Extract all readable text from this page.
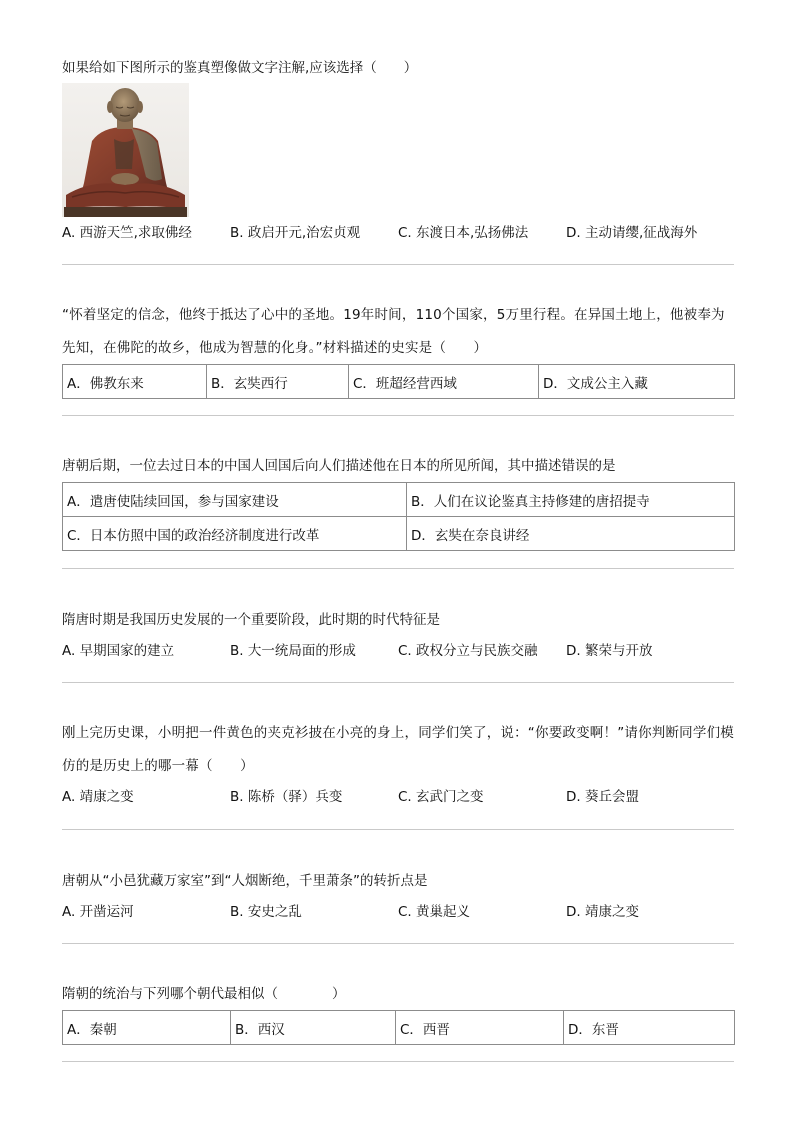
如果给如下图所示的鉴真塑像做文字注解,应该选择（　　）
A. 西游天竺,求取佛经	B. 政启开元,治宏贞观	C. 东渡日本,弘扬佛法	D. 主动请缨,征战海外
“怀着坚定的信念，他终于抵达了心中的圣地。19年时间，110个国家，5万里行程。在异国土地上，他被奉为先知，在佛陀的故乡，他成为智慧的化身。”材料描述的史实是（　　）
A．佛教东来	B．玄奘西行	C．班超经营西域	D．文成公主入藏
唐朝后期，一位去过日本的中国人回国后向人们描述他在日本的所见所闻，其中描述错误的是
A．遣唐使陆续回国，参与国家建设	B．人们在议论鉴真主持修建的唐招提寺
C．日本仿照中国的政治经济制度进行改革	D．玄奘在奈良讲经
隋唐时期是我国历史发展的一个重要阶段，此时期的时代特征是
A. 早期国家的建立	B. 大一统局面的形成	C. 政权分立与民族交融 D. 繁荣与开放
刚上完历史课，小明把一件黄色的夹克衫披在小亮的身上，同学们笑了，说：“你要政变啊！”请你判断同学们模仿的是历史上的哪一幕（　　）
A. 靖康之变	B. 陈桥（驿）兵变	C. 玄武门之变	D. 葵丘会盟
唐朝从“小邑犹藏万家室”到“人烟断绝，千里萧条”的转折点是
A. 开凿运河	B. 安史之乱	C. 黄巢起义	D. 靖康之变
隋朝的统治与下列哪个朝代最相似（　　　　）
A．秦朝	B．西汉	C．西晋	D．东晋
